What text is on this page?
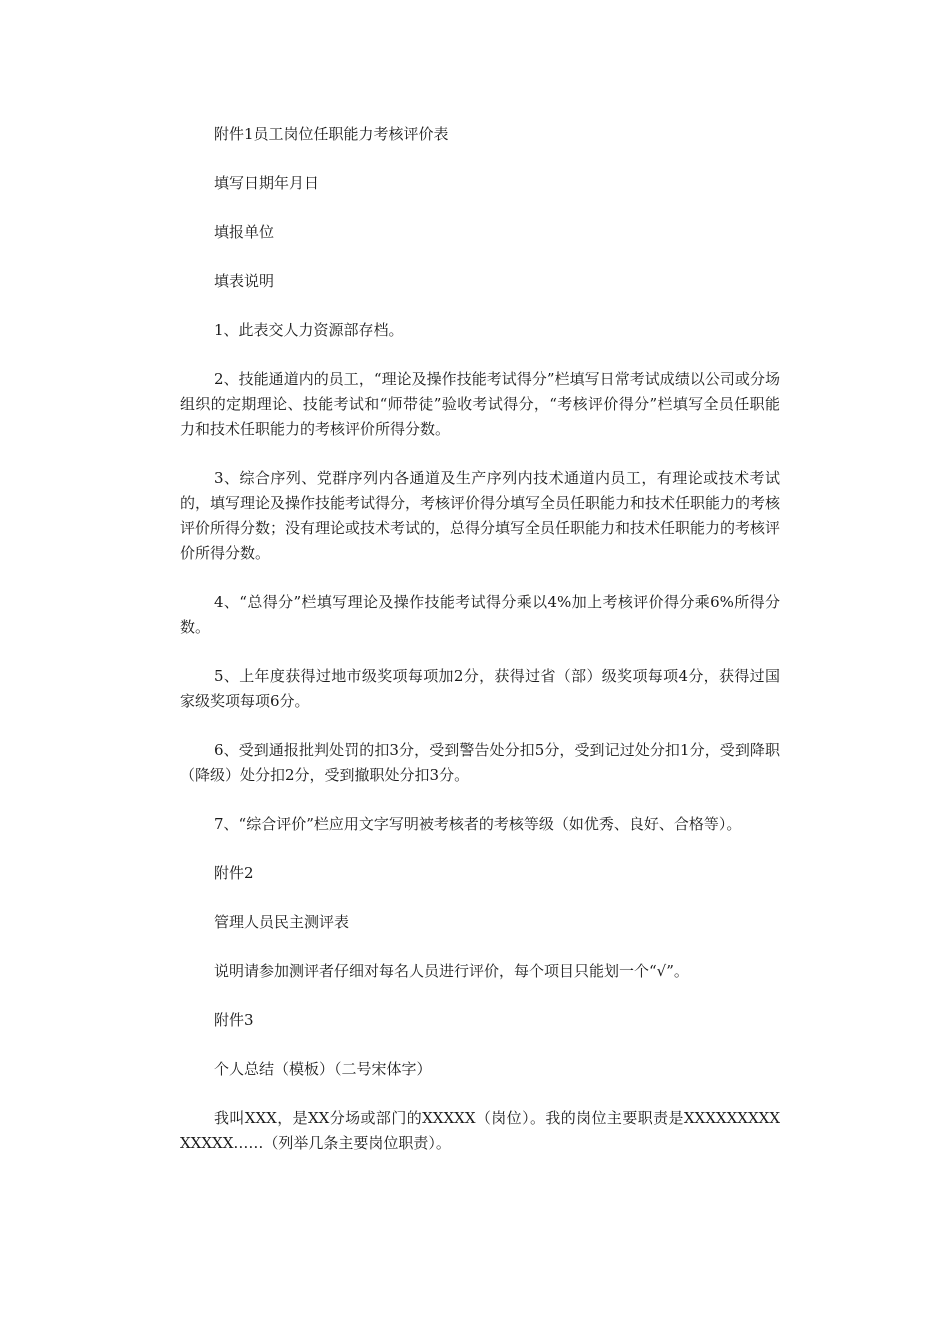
附件1员工岗位任职能力考核评价表

填写日期年月日

填报单位

填表说明

1、此表交人力资源部存档。

2、技能通道内的员工，“理论及操作技能考试得分”栏填写日常考试成绩以公司或分场组织的定期理论、技能考试和“师带徒”验收考试得分，“考核评价得分”栏填写全员任职能力和技术任职能力的考核评价所得分数。

3、综合序列、党群序列内各通道及生产序列内技术通道内员工，有理论或技术考试的，填写理论及操作技能考试得分，考核评价得分填写全员任职能力和技术任职能力的考核评价所得分数；没有理论或技术考试的，总得分填写全员任职能力和技术任职能力的考核评价所得分数。

4、“总得分”栏填写理论及操作技能考试得分乘以4%加上考核评价得分乘6%所得分数。

5、上年度获得过地市级奖项每项加2分，获得过省（部）级奖项每项4分，获得过国家级奖项每项6分。

6、受到通报批判处罚的扣3分，受到警告处分扣5分，受到记过处分扣1分，受到降职（降级）处分扣2分，受到撤职处分扣3分。

7、“综合评价”栏应用文字写明被考核者的考核等级（如优秀、良好、合格等）。

附件2

管理人员民主测评表

说明请参加测评者仔细对每名人员进行评价，每个项目只能划一个“√”。

附件3

个人总结（模板）（二号宋体字）

我叫XXX，是XX分场或部门的XXXXX（岗位）。我的岗位主要职责是XXXXXXXXXXXXXX……（列举几条主要岗位职责）。
